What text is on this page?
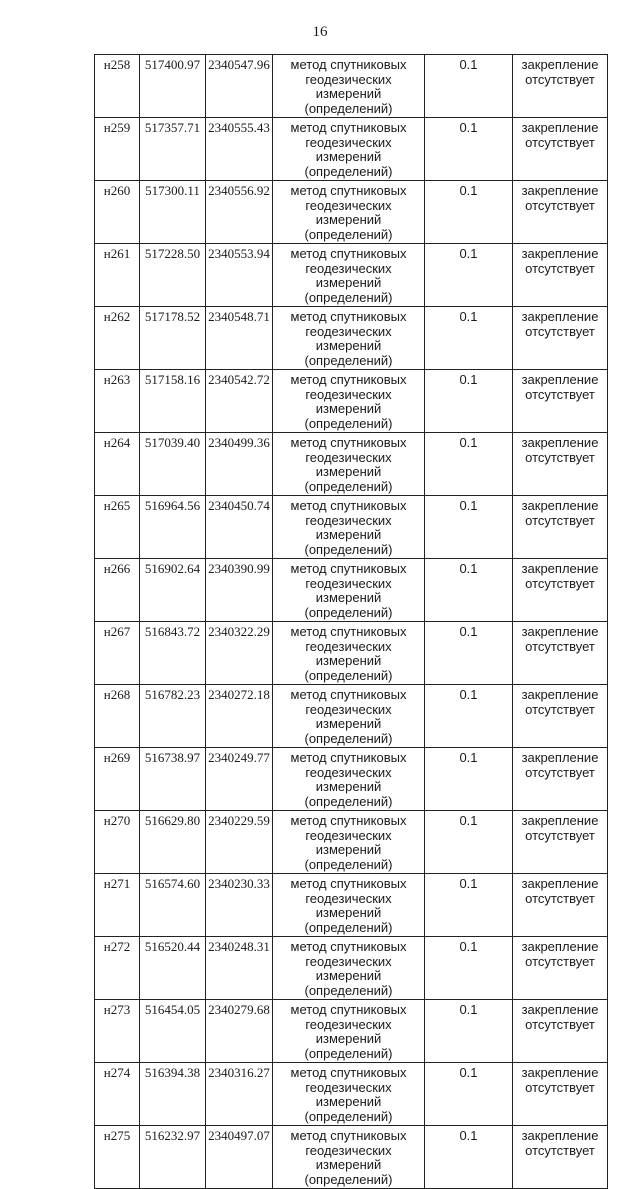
16
н258	517400.97	2340547.96	метод спутниковых
геодезических измерений
(определений)	0.1	закрепление
отсутствует

н259	517357.71	2340555.43	метод спутниковых
геодезических измерений
(определений)	0.1	закрепление
отсутствует

н260	517300.11	2340556.92	метод спутниковых
геодезических измерений
(определений)	0.1	закрепление
отсутствует

н261	517228.50	2340553.94	метод спутниковых
геодезических измерений
(определений)	0.1	закрепление
отсутствует

н262	517178.52	2340548.71	метод спутниковых
геодезических измерений
(определений)	0.1	закрепление
отсутствует

н263	517158.16	2340542.72	метод спутниковых
геодезических измерений
(определений)	0.1	закрепление
отсутствует

н264	517039.40	2340499.36	метод спутниковых
геодезических измерений
(определений)	0.1	закрепление
отсутствует

н265	516964.56	2340450.74	метод спутниковых
геодезических измерений
(определений)	0.1	закрепление
отсутствует

н266	516902.64	2340390.99	метод спутниковых
геодезических измерений
(определений)	0.1	закрепление
отсутствует

н267	516843.72	2340322.29	метод спутниковых
геодезических измерений
(определений)	0.1	закрепление
отсутствует

н268	516782.23	2340272.18	метод спутниковых
геодезических измерений
(определений)	0.1	закрепление
отсутствует

н269	516738.97	2340249.77	метод спутниковых
геодезических измерений
(определений)	0.1	закрепление
отсутствует

н270	516629.80	2340229.59	метод спутниковых
геодезических измерений
(определений)	0.1	закрепление
отсутствует

н271	516574.60	2340230.33	метод спутниковых
геодезических измерений
(определений)	0.1	закрепление
отсутствует

н272	516520.44	2340248.31	метод спутниковых
геодезических измерений
(определений)	0.1	закрепление
отсутствует

н273	516454.05	2340279.68	метод спутниковых
геодезических измерений
(определений)	0.1	закрепление
отсутствует

н274	516394.38	2340316.27	метод спутниковых
геодезических измерений
(определений)	0.1	закрепление
отсутствует

н275	516232.97	2340497.07	метод спутниковых
геодезических измерений
(определений)	0.1	закрепление
отсутствует
